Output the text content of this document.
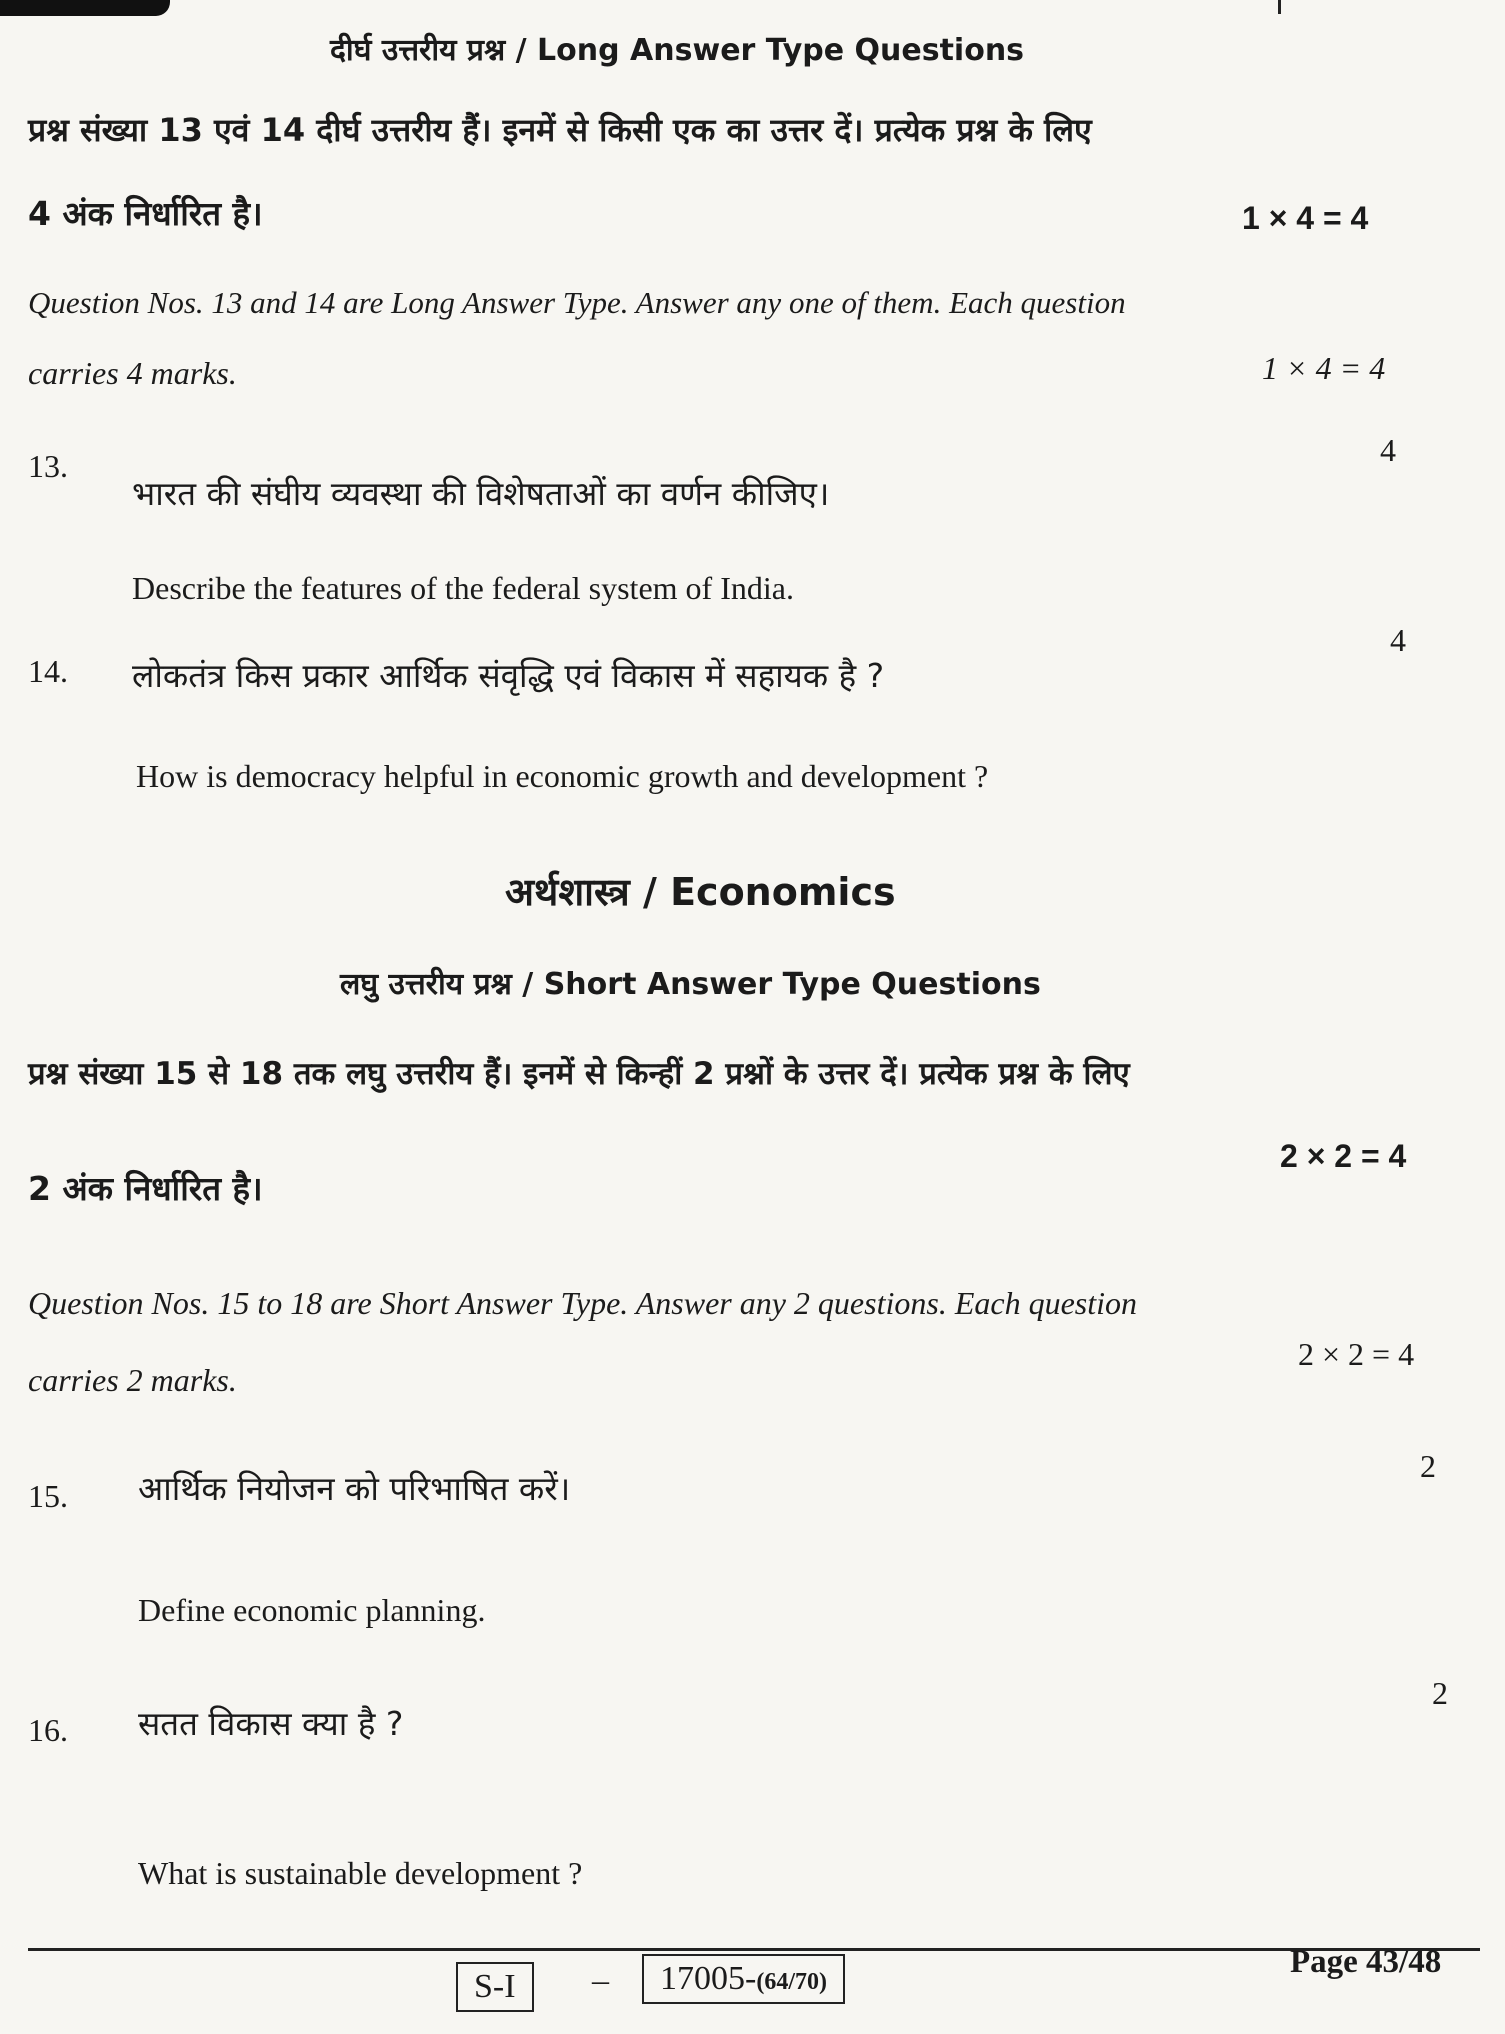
दीर्घ उत्तरीय प्रश्न / Long Answer Type Questions
प्रश्न संख्या 13 एवं 14 दीर्घ उत्तरीय हैं। इनमें से किसी एक का उत्तर दें। प्रत्येक प्रश्न के लिए
4 अंक निर्धारित है।	1 × 4 = 4
Question Nos. 13 and 14 are Long Answer Type. Answer any one of them. Each question
carries 4 marks.	1 × 4 = 4
13.
भारत की संघीय व्यवस्था की विशेषताओं का वर्णन कीजिए।
4
Describe the features of the federal system of India.
14. लोकतंत्र किस प्रकार आर्थिक संवृद्धि एवं विकास में सहायक है ?
4
How is democracy helpful in economic growth and development ?
अर्थशास्त्र / Economics
लघु उत्तरीय प्रश्न / Short Answer Type Questions
प्रश्न संख्या 15 से 18 तक लघु उत्तरीय हैं। इनमें से किन्हीं 2 प्रश्नों के उत्तर दें। प्रत्येक प्रश्न के लिए
2 अंक निर्धारित है।
2 × 2 = 4
Question Nos. 15 to 18 are Short Answer Type. Answer any 2 questions. Each question
carries 2 marks.
2 × 2 = 4
15. आर्थिक नियोजन को परिभाषित करें।
2
Define economic planning.
16. सतत विकास क्या है ?
2
What is sustainable development ?
S-I	–	17005-(64/70)
Page 43/48
